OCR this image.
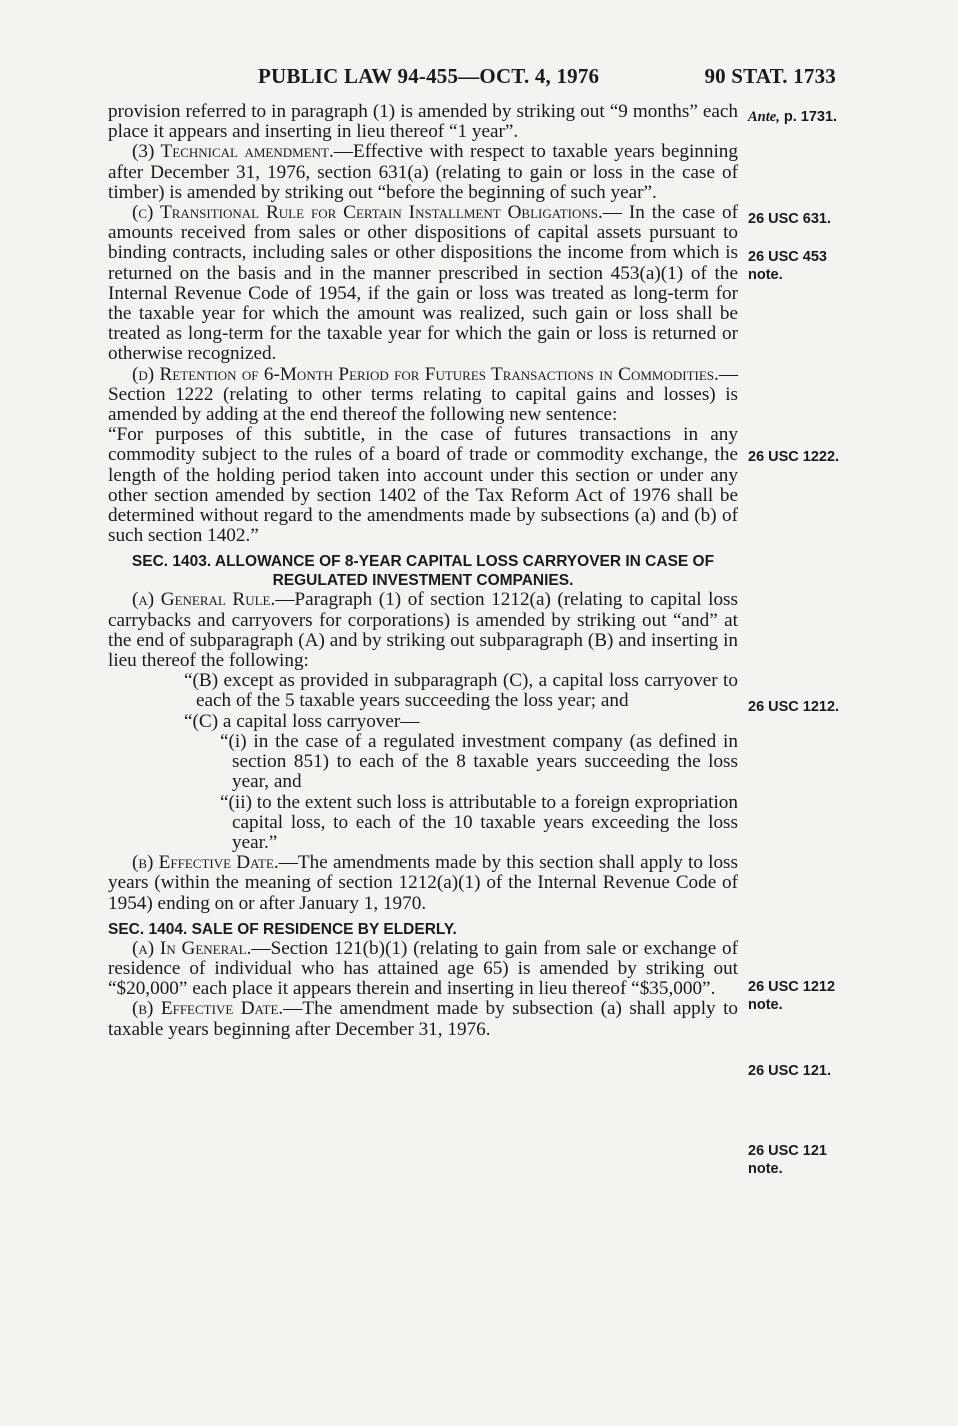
PUBLIC LAW 94-455—OCT. 4, 1976	90 STAT. 1733

provision referred to in paragraph (1) is amended by striking out “9 months” each place it appears and inserting in lieu thereof “1 year”.

(3) Technical amendment.—Effective with respect to taxable years beginning after December 31, 1976, section 631(a) (relating to gain or loss in the case of timber) is amended by striking out “before the beginning of such year”.

(c) Transitional Rule for Certain Installment Obligations.— In the case of amounts received from sales or other dispositions of capital assets pursuant to binding contracts, including sales or other dispositions the income from which is returned on the basis and in the manner prescribed in section 453(a)(1) of the Internal Revenue Code of 1954, if the gain or loss was treated as long-term for the taxable year for which the amount was realized, such gain or loss shall be treated as long-term for the taxable year for which the gain or loss is returned or otherwise recognized.

(d) Retention of 6-Month Period for Futures Transactions in Commodities.—Section 1222 (relating to other terms relating to capital gains and losses) is amended by adding at the end thereof the following new sentence:

“For purposes of this subtitle, in the case of futures transactions in any commodity subject to the rules of a board of trade or commodity exchange, the length of the holding period taken into account under this section or under any other section amended by section 1402 of the Tax Reform Act of 1976 shall be determined without regard to the amendments made by subsections (a) and (b) of such section 1402.”

SEC. 1403. ALLOWANCE OF 8-YEAR CAPITAL LOSS CARRYOVER IN CASE OF REGULATED INVESTMENT COMPANIES.

(a) General Rule.—Paragraph (1) of section 1212(a) (relating to capital loss carrybacks and carryovers for corporations) is amended by striking out “and” at the end of subparagraph (A) and by striking out subparagraph (B) and inserting in lieu thereof the following:

“(B) except as provided in subparagraph (C), a capital loss carryover to each of the 5 taxable years succeeding the loss year; and

“(C) a capital loss carryover—

“(i) in the case of a regulated investment company (as defined in section 851) to each of the 8 taxable years succeeding the loss year, and

“(ii) to the extent such loss is attributable to a foreign expropriation capital loss, to each of the 10 taxable years exceeding the loss year.”

(b) Effective Date.—The amendments made by this section shall apply to loss years (within the meaning of section 1212(a)(1) of the Internal Revenue Code of 1954) ending on or after January 1, 1970.

SEC. 1404. SALE OF RESIDENCE BY ELDERLY.

(a) In General.—Section 121(b)(1) (relating to gain from sale or exchange of residence of individual who has attained age 65) is amended by striking out “$20,000” each place it appears therein and inserting in lieu thereof “$35,000”.

(b) Effective Date.—The amendment made by subsection (a) shall apply to taxable years beginning after December 31, 1976.

Ante, p. 1731.
26 USC 631.
26 USC 453
note.
26 USC 1222.
26 USC 1212.
26 USC 1212
note.
26 USC 121.
26 USC 121
note.
